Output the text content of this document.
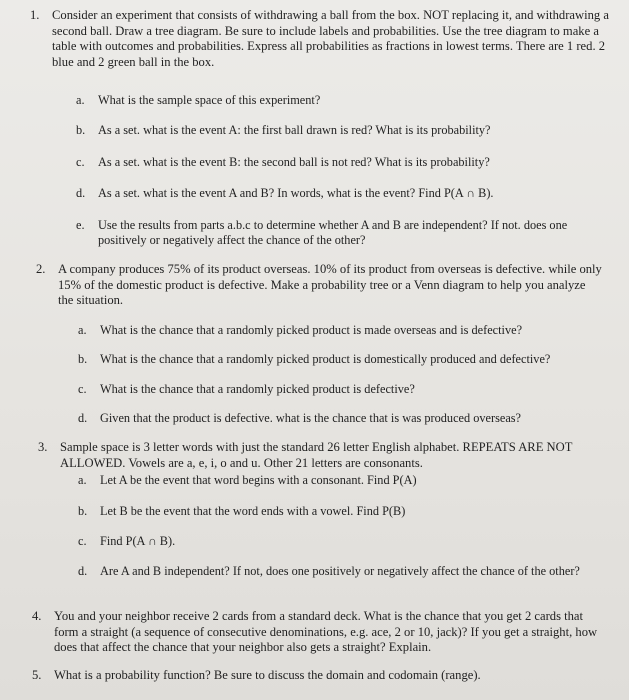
1. Consider an experiment that consists of withdrawing a ball from the box. NOT replacing it, and withdrawing a second ball. Draw a tree diagram. Be sure to include labels and probabilities. Use the tree diagram to make a table with outcomes and probabilities. Express all probabilities as fractions in lowest terms. There are 1 red. 2 blue and 2 green ball in the box.
a.	What is the sample space of this experiment?
b.	As a set. what is the event A: the first ball drawn is red? What is its probability?
c.	As a set. what is the event B: the second ball is not red? What is its probability?
d.	As a set. what is the event A and B? In words, what is the event? Find P(A ∩ B).
e.	Use the results from parts a.b.c to determine whether A and B are independent? If not. does one positively or negatively affect the chance of the other?
2. A company produces 75% of its product overseas. 10% of its product from overseas is defective. while only 15% of the domestic product is defective. Make a probability tree or a Venn diagram to help you analyze the situation.
a.	What is the chance that a randomly picked product is made overseas and is defective?
b.	What is the chance that a randomly picked product is domestically produced and defective?
c.	What is the chance that a randomly picked product is defective?
d.	Given that the product is defective. what is the chance that is was produced overseas?
3. Sample space is 3 letter words with just the standard 26 letter English alphabet. REPEATS ARE NOT ALLOWED. Vowels are a, e, i, o and u. Other 21 letters are consonants.
a.	Let A be the event that word begins with a consonant. Find P(A)
b.	Let B be the event that the word ends with a vowel. Find P(B)
c.	Find P(A ∩ B).
d.	Are A and B independent? If not, does one positively or negatively affect the chance of the other?
4. You and your neighbor receive 2 cards from a standard deck. What is the chance that you get 2 cards that form a straight (a sequence of consecutive denominations, e.g. ace, 2 or 10, jack)? If you get a straight, how does that affect the chance that your neighbor also gets a straight? Explain.
5. What is a probability function? Be sure to discuss the domain and codomain (range).
